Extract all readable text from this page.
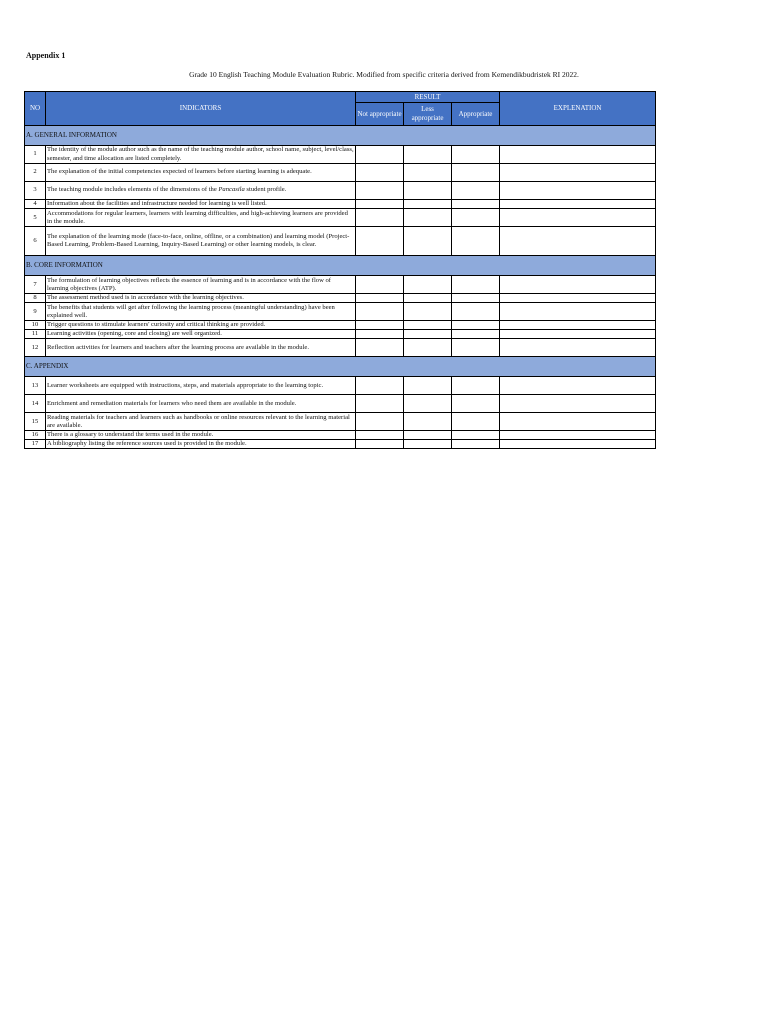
Appendix 1
Grade 10 English Teaching Module Evaluation Rubric. Modified from specific criteria derived from Kemendikbudristek RI 2022.
NO	INDICATORS	RESULT			EXPLENATION
		Not appropriate	Less appropriate	Appropriate	
A. GENERAL INFORMATION					
1	The identity of the module author such as the name of the teaching module author, school name, subject, level/class, semester, and time allocation are listed completely.				
2	The explanation of the initial competencies expected of learners before starting learning is adequate.				
3	The teaching module includes elements of the dimensions of the Pancasila student profile.				
4	Information about the facilities and infrastructure needed for learning is well listed.				
5	Accommodations for regular learners, learners with learning difficulties, and high-achieving learners are provided in the module.				
6	The explanation of the learning mode (face-to-face, online, offline, or a combination) and learning model (Project-Based Learning, Problem-Based Learning, Inquiry-Based Learning) or other learning models, is clear.				
B. CORE INFORMATION					
7	The formulation of learning objectives reflects the essence of learning and is in accordance with the flow of learning objectives (ATP).				
8	The assessment method used is in accordance with the learning objectives.				
9	The benefits that students will get after following the learning process (meaningful understanding) have been explained well.				
10	Trigger questions to stimulate learners' curiosity and critical thinking are provided.				
11	Learning activities (opening, core and closing) are well organized.				
12	Reflection activities for learners and teachers after the learning process are available in the module.				
C. APPENDIX					
13	Learner worksheets are equipped with instructions, steps, and materials appropriate to the learning topic.				
14	Enrichment and remediation materials for learners who need them are available in the module.				
15	Reading materials for teachers and learners such as handbooks or online resources relevant to the learning material are available.				
16	There is a glossary to understand the terms used in the module.				
17	A bibliography listing the reference sources used is provided in the module.				
